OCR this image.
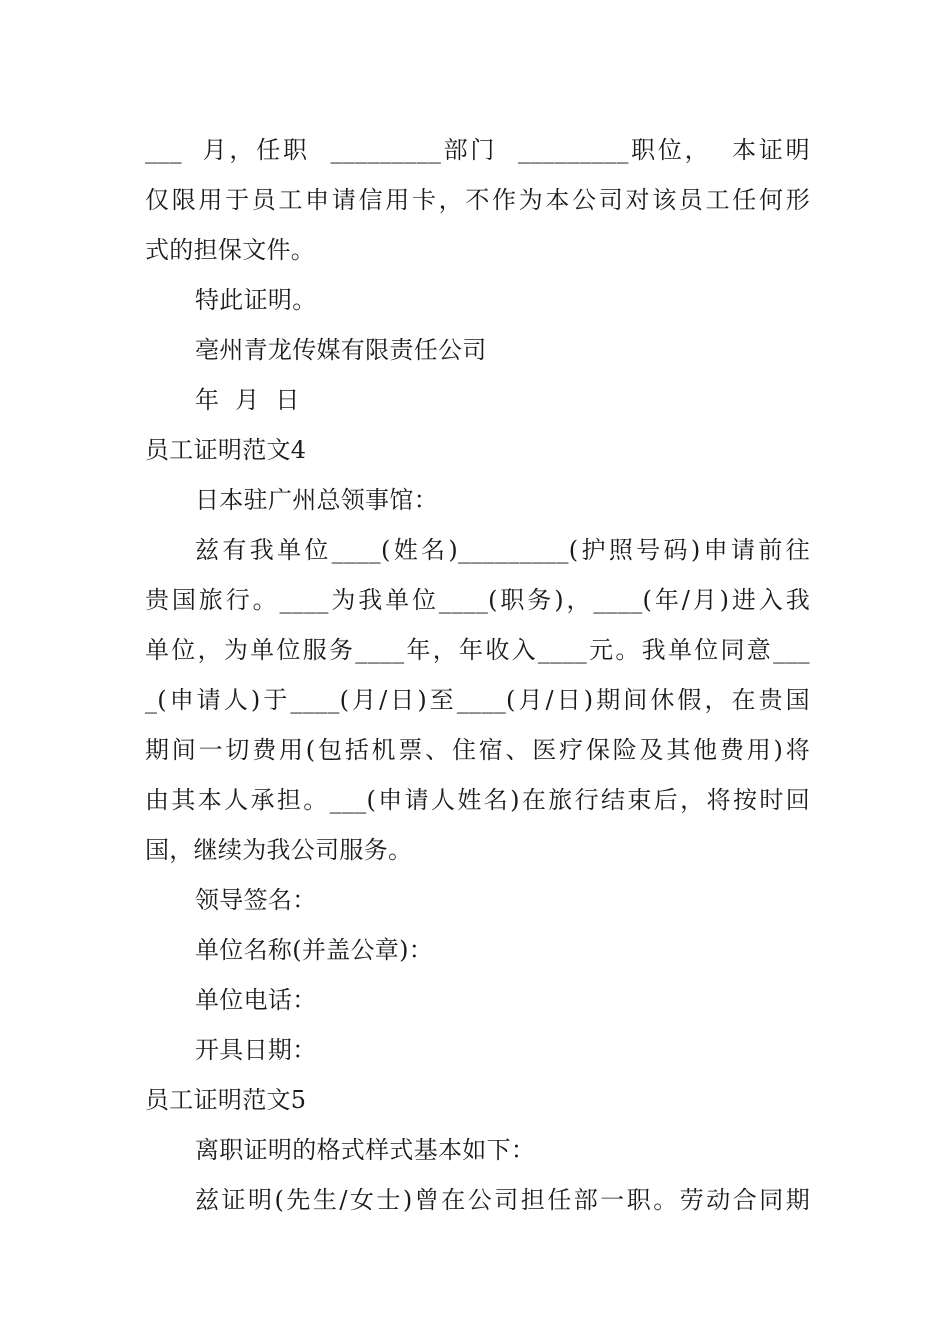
___  月，任职  _________部门  _________职位，  本证明
仅限用于员工申请信用卡，不作为本公司对该员工任何形
式的担保文件。
特此证明。
亳州青龙传媒有限责任公司
年  月  日
员工证明范文4
日本驻广州总领事馆：
兹有我单位____(姓名)_________(护照号码)申请前往
贵国旅行。____为我单位____(职务)，____(年/月)进入我
单位，为单位服务____年，年收入____元。我单位同意___
_(申请人)于____(月/日)至____(月/日)期间休假，在贵国
期间一切费用(包括机票、住宿、医疗保险及其他费用)将
由其本人承担。___(申请人姓名)在旅行结束后，将按时回
国，继续为我公司服务。
领导签名：
单位名称(并盖公章)：
单位电话：
开具日期：
员工证明范文5
离职证明的格式样式基本如下：
兹证明(先生/女士)曾在公司担任部一职。劳动合同期
